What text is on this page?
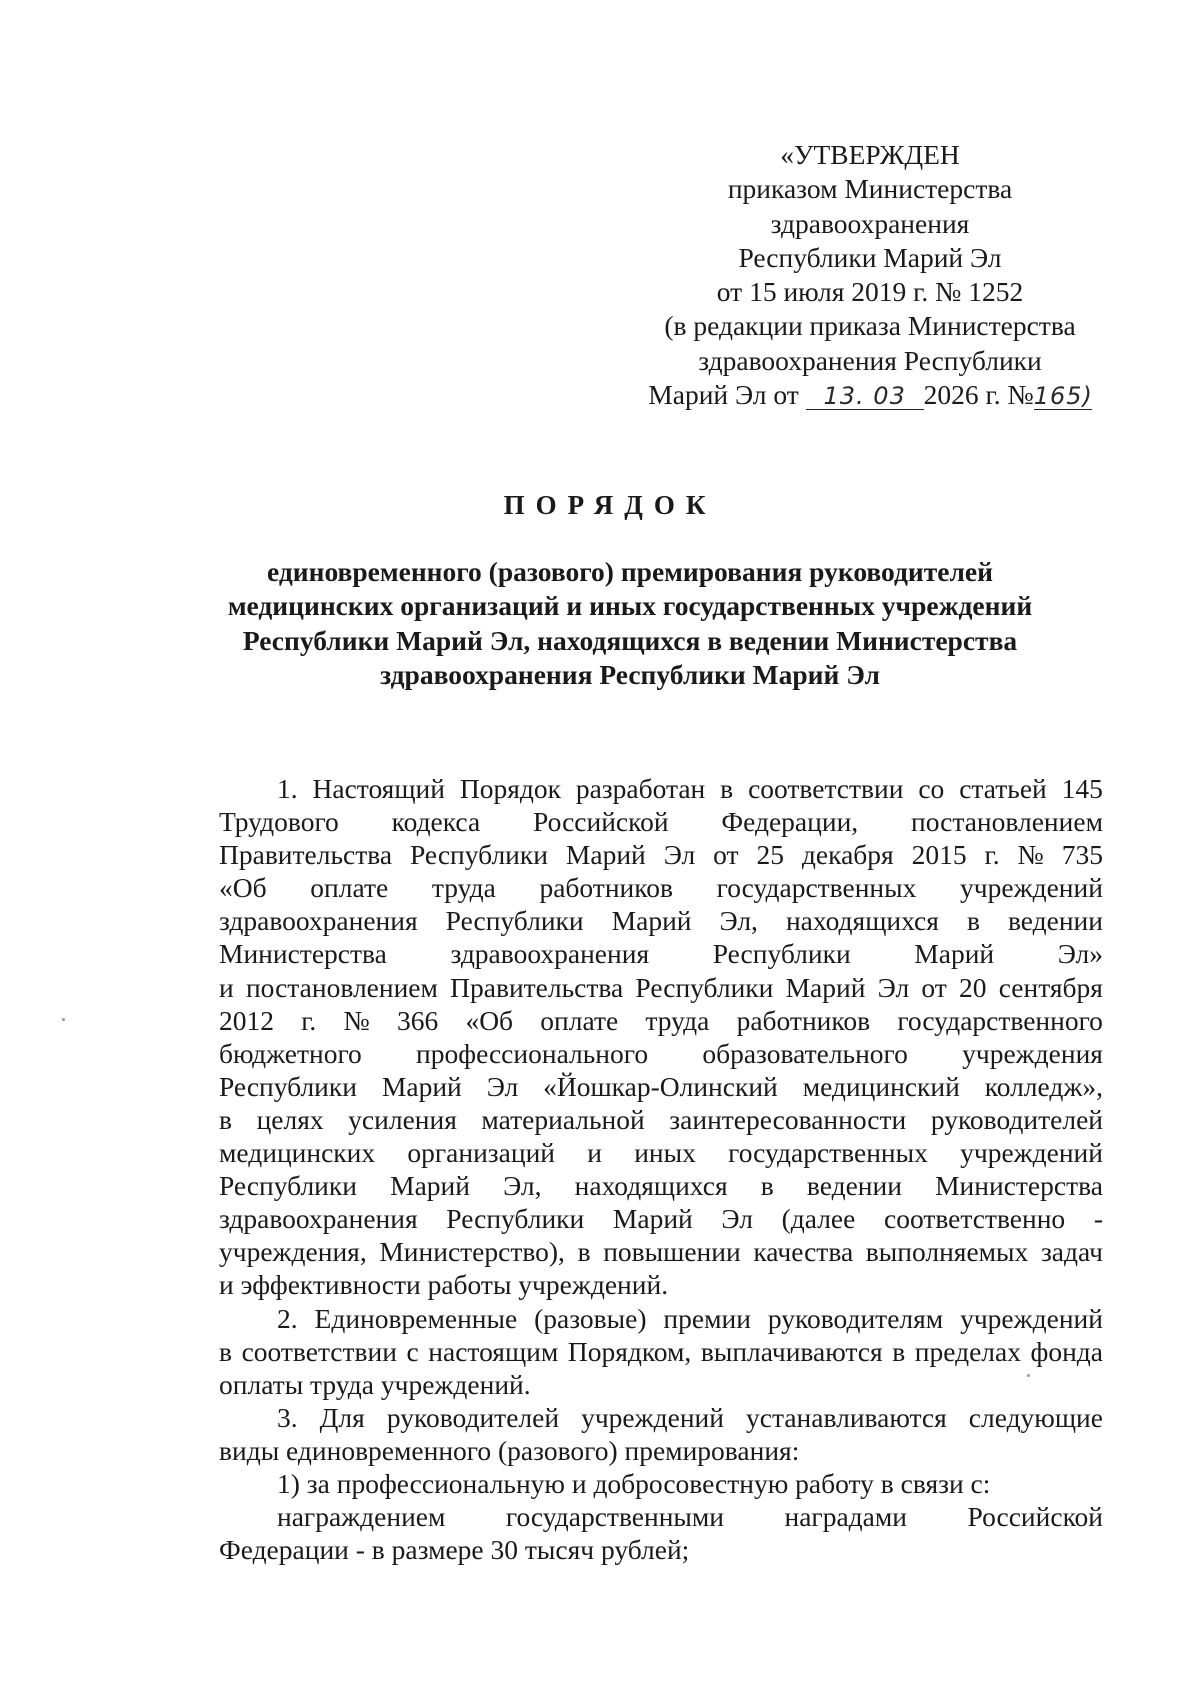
«УТВЕРЖДЕН
приказом Министерства
здравоохранения
Республики Марий Эл
от 15 июля 2019 г. № 1252
(в редакции приказа Министерства
здравоохранения Республики
Марий Эл от 13. 03 2026 г. №165)
ПОРЯДОК
единовременного (разового) премирования руководителей
медицинских организаций и иных государственных учреждений
Республики Марий Эл, находящихся в ведении Министерства
здравоохранения Республики Марий Эл
1. Настоящий Порядок разработан в соответствии со статьей 145
Трудового кодекса Российской Федерации, постановлением
Правительства Республики Марий Эл от 25 декабря 2015 г. № 735
«Об оплате труда работников государственных учреждений
здравоохранения Республики Марий Эл, находящихся в ведении
Министерства здравоохранения Республики Марий Эл»
и постановлением Правительства Республики Марий Эл от 20 сентября
2012 г. № 366 «Об оплате труда работников государственного
бюджетного профессионального образовательного учреждения
Республики Марий Эл «Йошкар-Олинский медицинский колледж»,
в целях усиления материальной заинтересованности руководителей
медицинских организаций и иных государственных учреждений
Республики Марий Эл, находящихся в ведении Министерства
здравоохранения Республики Марий Эл (далее соответственно -
учреждения, Министерство), в повышении качества выполняемых задач
и эффективности работы учреждений.
2. Единовременные (разовые) премии руководителям учреждений
в соответствии с настоящим Порядком, выплачиваются в пределах фонда
оплаты труда учреждений.
3. Для руководителей учреждений устанавливаются следующие
виды единовременного (разового) премирования:
1) за профессиональную и добросовестную работу в связи с:
награждением государственными наградами Российской
Федерации - в размере 30 тысяч рублей;
